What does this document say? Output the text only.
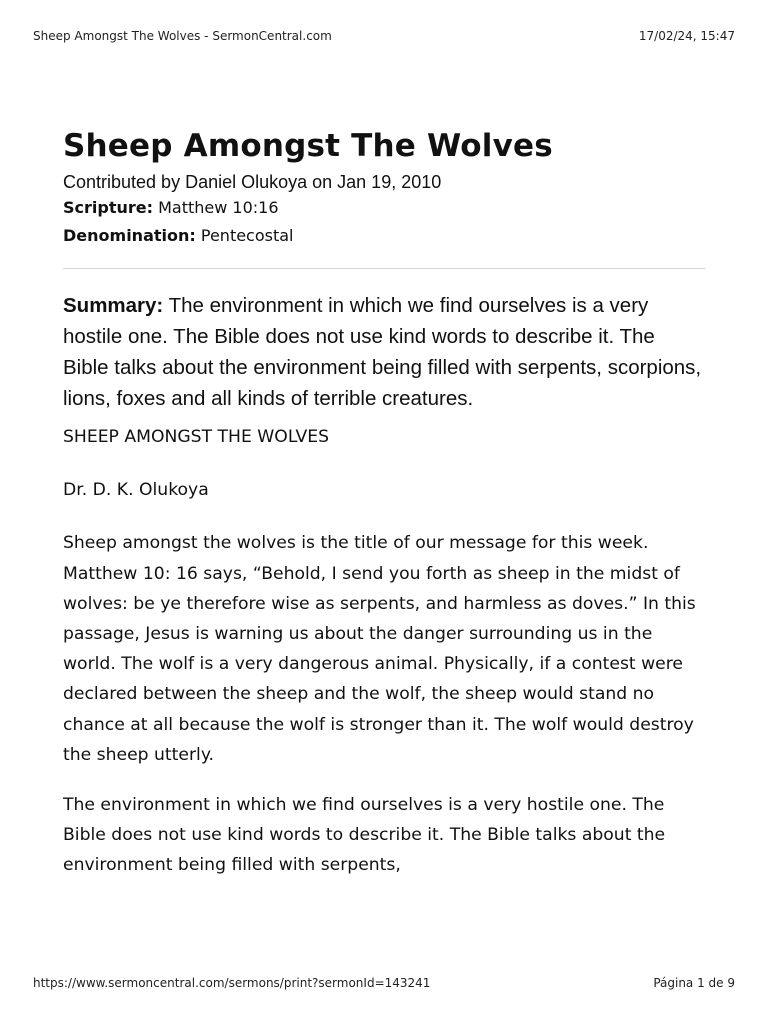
Sheep Amongst The Wolves - SermonCentral.com	17/02/24, 15:47
Sheep Amongst The Wolves
Contributed by Daniel Olukoya on Jan 19, 2010
Scripture: Matthew 10:16
Denomination: Pentecostal
Summary: The environment in which we find ourselves is a very hostile one. The Bible does not use kind words to describe it. The Bible talks about the environment being filled with serpents, scorpions, lions, foxes and all kinds of terrible creatures.

SHEEP AMONGST THE WOLVES

Dr. D. K. Olukoya

Sheep amongst the wolves is the title of our message for this week. Matthew 10: 16 says, “Behold, I send you forth as sheep in the midst of wolves: be ye therefore wise as serpents, and harmless as doves.” In this passage, Jesus is warning us about the danger surrounding us in the world. The wolf is a very dangerous animal. Physically, if a contest were declared between the sheep and the wolf, the sheep would stand no chance at all because the wolf is stronger than it. The wolf would destroy the sheep utterly.

The environment in which we find ourselves is a very hostile one. The Bible does not use kind words to describe it. The Bible talks about the environment being filled with serpents,

https://www.sermoncentral.com/sermons/print?sermonId=143241	Página 1 de 9
